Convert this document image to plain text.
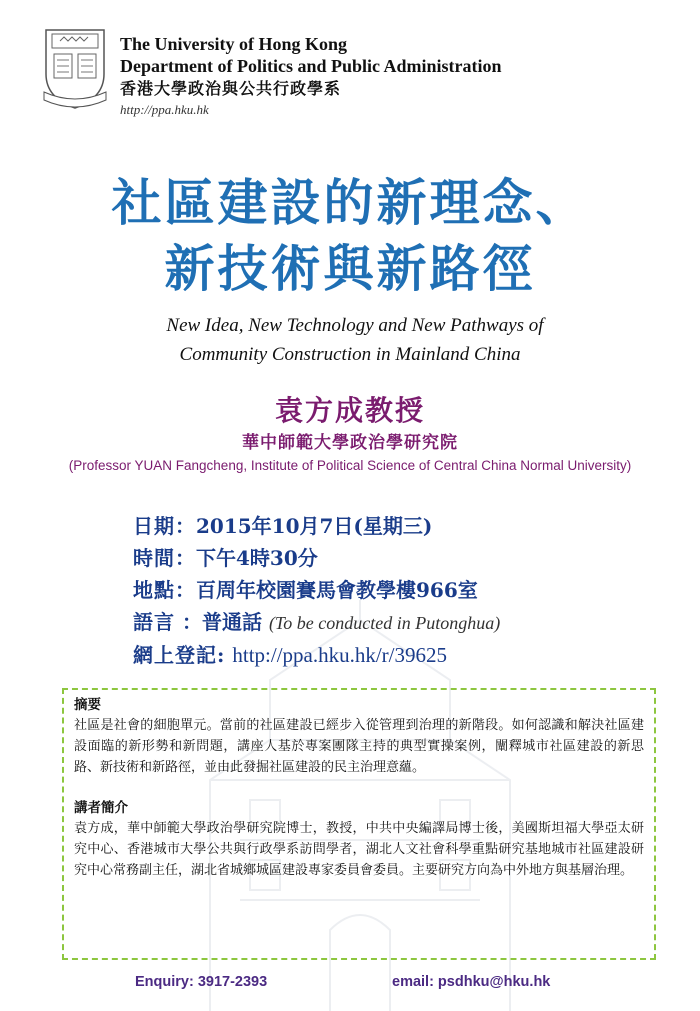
The University of Hong Kong
Department of Politics and Public Administration
香港大學政治與公共行政學系
http://ppa.hku.hk
社區建設的新理念、
新技術與新路徑
New Idea, New Technology and New Pathways of
Community Construction in Mainland China
袁方成教授
華中師範大學政治學研究院
(Professor YUAN Fangcheng, Institute of Political Science of Central China Normal University)
日期：2015年10月7日(星期三)
時間：下午4時30分
地點：百周年校園賽馬會教學樓966室
語言 ：普通話 (To be conducted in Putonghua)
網上登記: http://ppa.hku.hk/r/39625
摘要

社區是社會的細胞單元。當前的社區建設已經步入從管理到治理的新階段。如何認識和解決社區建設面臨的新形勢和新問題，講座人基於專案團隊主持的典型實操案例，闡釋城市社區建設的新思路、新技術和新路徑，並由此發掘社區建設的民主治理意蘊。

講者簡介

袁方成，華中師範大學政治學研究院博士，教授，中共中央編譯局博士後，美國斯坦福大學亞太研究中心、香港城市大學公共與行政學系訪問學者，湖北人文社會科學重點研究基地城市社區建設研究中心常務副主任，湖北省城鄉城區建設專家委員會委員。主要研究方向為中外地方與基層治理。

Enquiry: 3917-2393	email: psdhku@hku.hk
